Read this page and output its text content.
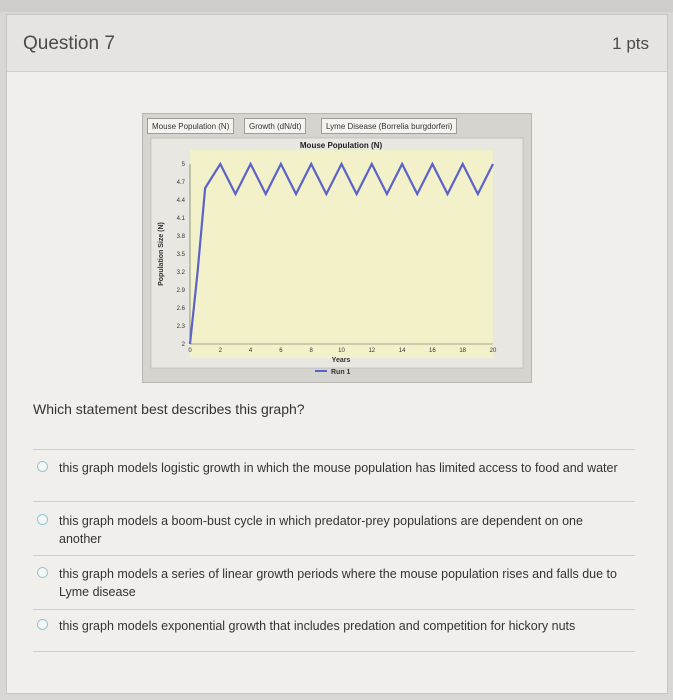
Question 7	1 pts
Mouse Population (N)	Growth (dN/dt)	Lyme Disease (Borrelia burgdorferi)
Mouse Population (N)
5
4.7
4.4
4.1
3.8
3.5
3.2
2.9
2.6
2.3
2
0	2	4	6	8	10	12	14	16	18	20
Population Size (N)
Years
Run 1
Which statement best describes this graph?
this graph models logistic growth in which the mouse population has limited access to food and water
this graph models a boom-bust cycle in which predator-prey populations are dependent on one another
this graph models a series of linear growth periods where the mouse population rises and falls due to Lyme disease
this graph models exponential growth that includes predation and competition for hickory nuts
